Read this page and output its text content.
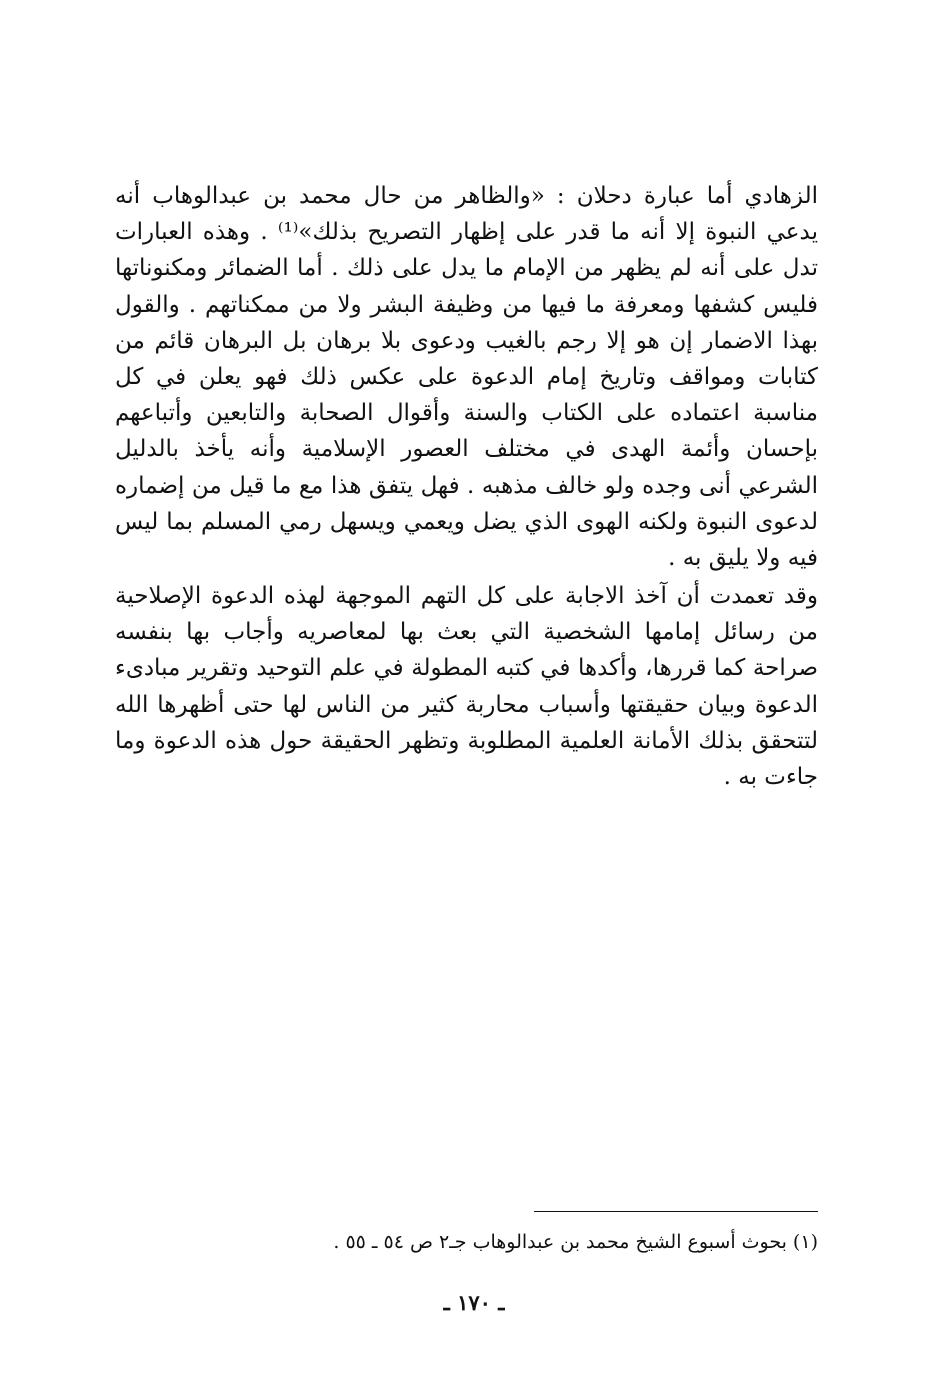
الزهادي أما عبارة دحلان : «والظاهر من حال محمد بن عبدالوهاب أنه يدعي النبوة إلا أنه ما قدر على إظهار التصريح بذلك»⁽¹⁾ . وهذه العبارات تدل على أنه لم يظهر من الإمام ما يدل على ذلك . أما الضمائر ومكنوناتها فليس كشفها ومعرفة ما فيها من وظيفة البشر ولا من ممكناتهم . والقول بهذا الاضمار إن هو إلا رجم بالغيب ودعوى بلا برهان بل البرهان قائم من كتابات ومواقف وتاريخ إمام الدعوة على عكس ذلك فهو يعلن في كل مناسبة اعتماده على الكتاب والسنة وأقوال الصحابة والتابعين وأتباعهم بإحسان وأئمة الهدى في مختلف العصور الإسلامية وأنه يأخذ بالدليل الشرعي أنى وجده ولو خالف مذهبه . فهل يتفق هذا مع ما قيل من إضماره لدعوى النبوة ولكنه الهوى الذي يضل ويعمي ويسهل رمي المسلم بما ليس فيه ولا يليق به .

وقد تعمدت أن آخذ الاجابة على كل التهم الموجهة لهذه الدعوة الإصلاحية من رسائل إمامها الشخصية التي بعث بها لمعاصريه وأجاب بها بنفسه صراحة كما قررها، وأكدها في كتبه المطولة في علم التوحيد وتقرير مبادىء الدعوة وبيان حقيقتها وأسباب محاربة كثير من الناس لها حتى أظهرها الله لتتحقق بذلك الأمانة العلمية المطلوبة وتظهر الحقيقة حول هذه الدعوة وما جاءت به .

(١) بحوث أسبوع الشيخ محمد بن عبدالوهاب جـ٢ ص ٥٤ ـ ٥٥ .
ـ ١٧٠ ـ
